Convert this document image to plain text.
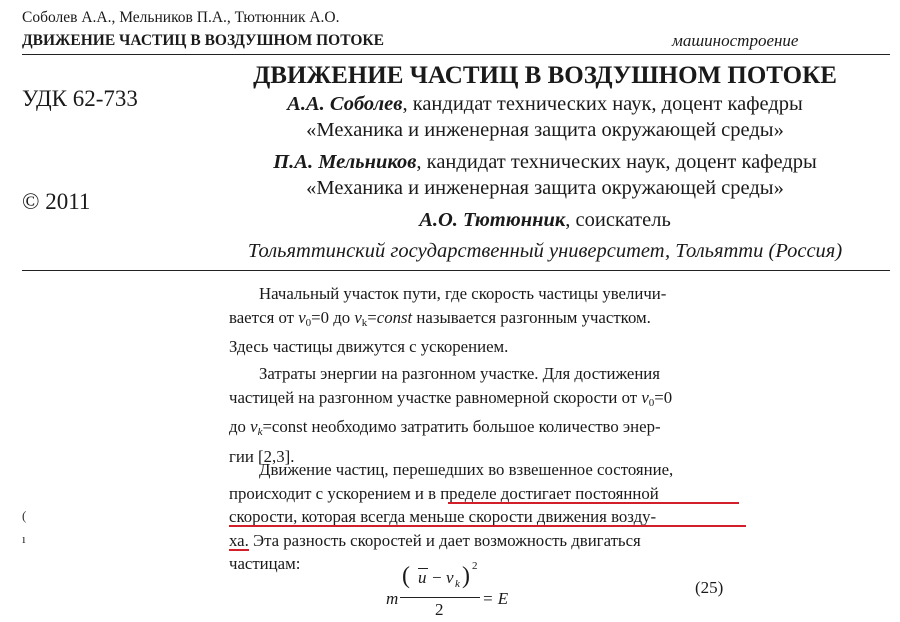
Соболев А.А., Мельников П.А., Тютюнник А.О.
ДВИЖЕНИЕ ЧАСТИЦ В ВОЗДУШНОМ ПОТОКЕ	машиностроение
УДК 62-733
© 2011
ДВИЖЕНИЕ ЧАСТИЦ В ВОЗДУШНОМ ПОТОКЕ
А.А. Соболев, кандидат технических наук, доцент кафедры
«Механика и инженерная защита окружающей среды»
П.А. Мельников, кандидат технических наук, доцент кафедры
«Механика и инженерная защита окружающей среды»
А.О. Тютюнник, соискатель
Тольяттинский государственный университет, Тольятти (Россия)
Начальный участок пути, где скорость частицы увеличи-
вается от $v_0=0$ до $v_k=const$ называется разгонным участком.
Здесь частицы движутся с ускорением.
Затраты энергии на разгонном участке. Для достижения
частицей на разгонном участке равномерной скорости от $v_0=0$
до $v_k=const$ необходимо затратить большое количество энер-
гии [2,3].
Движение частиц, перешедших во взвешенное состояние,
происходит с ускорением и в пределе достигает постоянной
скорости, которая всегда меньше скорости движения возду-
ха. Эта разность скоростей и дает возможность двигаться
частицам:
(
ı
m
( u − v k ) 2
2
= E
(25)
